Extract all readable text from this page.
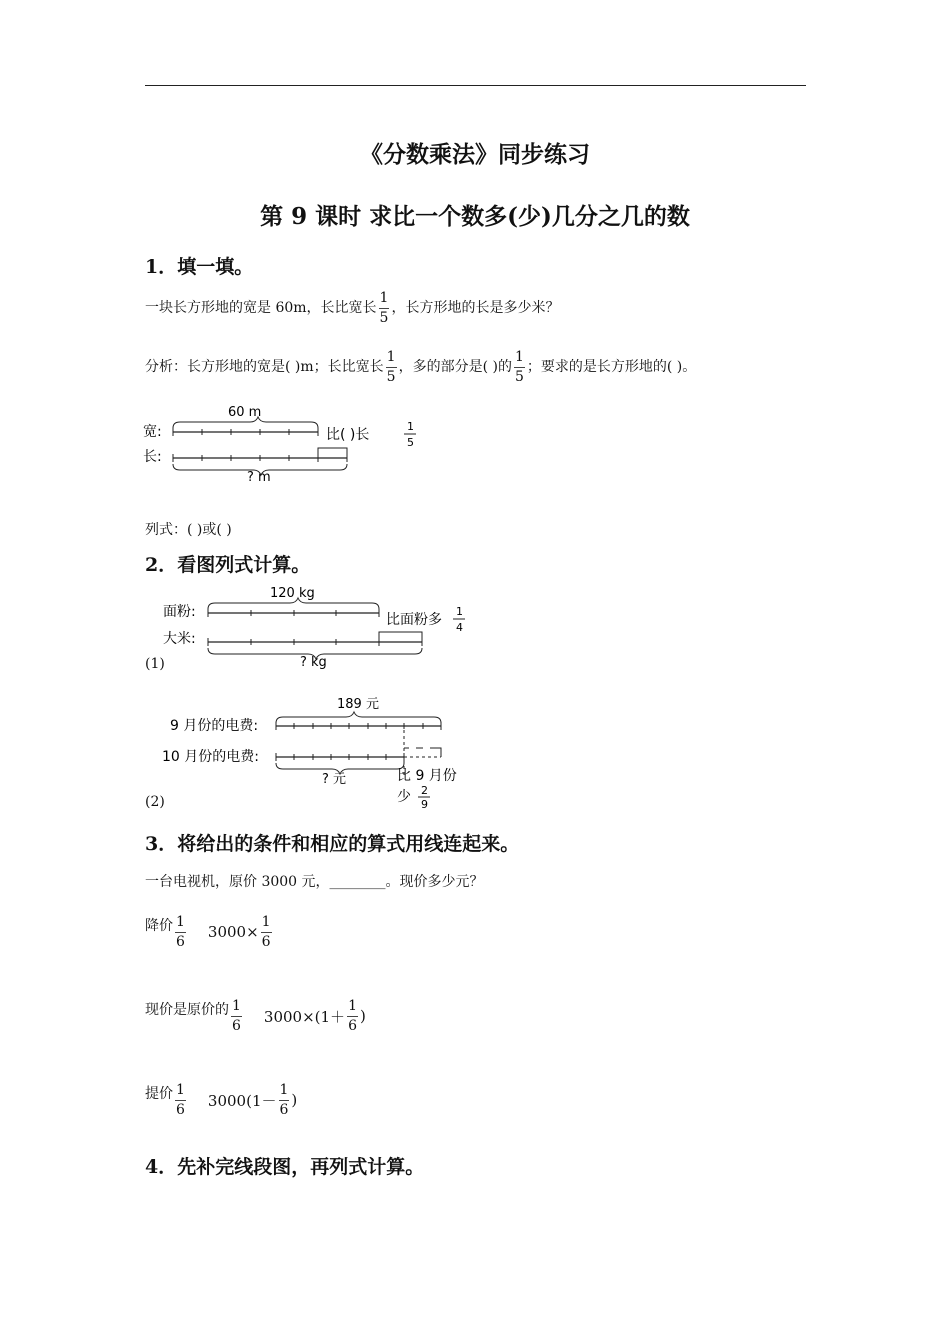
《分数乘法》同步练习
第 9 课时 求比一个数多(少)几分之几的数
1．填一填。
一块长方形地的宽是 60m，长比宽长 $\frac{1}{5}$ ，长方形地的长是多少米？
分析：长方形地的宽是( )m；长比宽长 $\frac{1}{5}$ ，多的部分是( )的 $\frac{1}{5}$ ；要求的是长方形地的( )。
宽:
长:
60 m
? m
比( )长
1
5
列式：( )或( )
2．看图列式计算。
面粉:
大米:
120 kg
? kg
比面粉多
1
4
(1)
9 月份的电费:
10 月份的电费:
189 元
? 元	比 9 月份
少 2
9
(2)
3．将给出的条件和相应的算式用线连起来。
一台电视机，原价 3000 元，________。现价多少元？
降价 $\frac{1}{6} 3000\times \frac{1}{6}$
现价是原价的 $\frac{1}{6} 3000\times(1+ \frac{1}{6}$ )
提价 $\frac{1}{6} 3000(1- \frac{1}{6}$ )
4．先补完线段图，再列式计算。
